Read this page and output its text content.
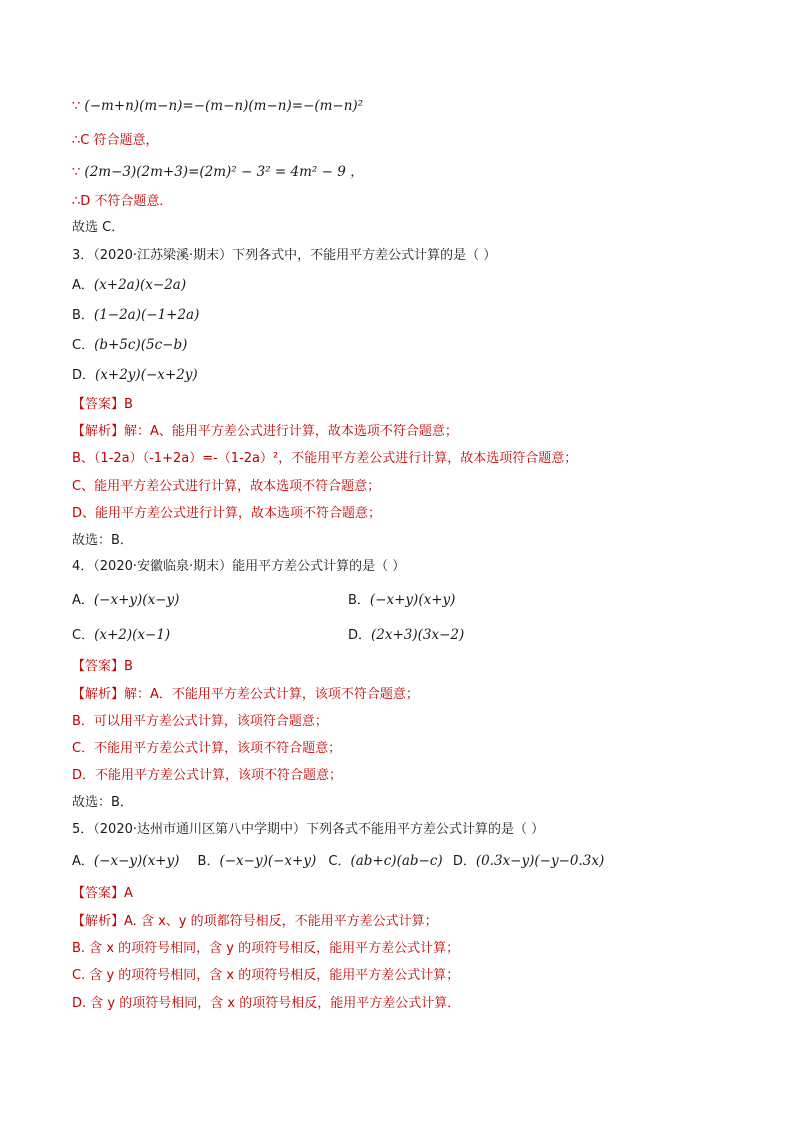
∵ (−m+n)(m−n)=−(m−n)(m−n)=−(m−n)²
∴C 符合题意，
∵ (2m−3)(2m+3)=(2m)² − 3² = 4m² − 9 ，
∴D 不符合题意．
故选 C．
3．（2020·江苏梁溪·期末）下列各式中，不能用平方差公式计算的是（ ）
A．(x+2a)(x−2a)
B．(1−2a)(−1+2a)
C．(b+5c)(5c−b)
D．(x+2y)(−x+2y)
【答案】B
【解析】解：A、能用平方差公式进行计算，故本选项不符合题意；
B、（1-2a）（-1+2a）=-（1-2a）²，不能用平方差公式进行计算，故本选项符合题意；
C、能用平方差公式进行计算，故本选项不符合题意；
D、能用平方差公式进行计算，故本选项不符合题意；
故选：B．
4．（2020·安徽临泉·期末）能用平方差公式计算的是（ ）
A．(−x+y)(x−y)	B．(−x+y)(x+y)
C．(x+2)(x−1)	D．(2x+3)(3x−2)
【答案】B
【解析】解：A．不能用平方差公式计算，该项不符合题意；
B．可以用平方差公式计算，该项符合题意；
C．不能用平方差公式计算，该项不符合题意；
D．不能用平方差公式计算，该项不符合题意；
故选：B．
5．（2020·达州市通川区第八中学期中）下列各式不能用平方差公式计算的是（ ）
A．(−x−y)(x+y) B．(−x−y)(−x+y) C．(ab+c)(ab−c) D．(0.3x−y)(−y−0.3x)
【答案】A
【解析】A. 含 x、y 的项都符号相反，不能用平方差公式计算；
B. 含 x 的项符号相同，含 y 的项符号相反，能用平方差公式计算；
C. 含 y 的项符号相同，含 x 的项符号相反，能用平方差公式计算；
D. 含 y 的项符号相同，含 x 的项符号相反，能用平方差公式计算．
